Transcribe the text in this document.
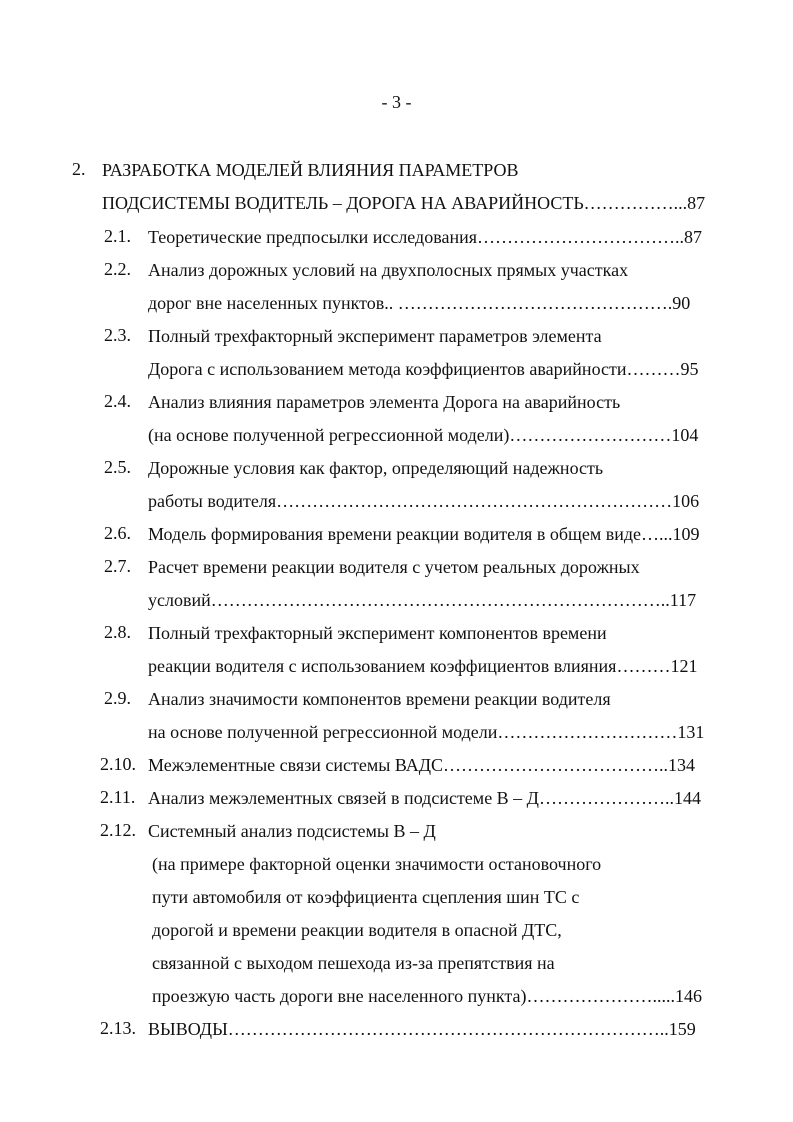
- 3 -
2. РАЗРАБОТКА МОДЕЛЕЙ ВЛИЯНИЯ ПАРАМЕТРОВ
ПОДСИСТЕМЫ ВОДИТЕЛЬ – ДОРОГА НА АВАРИЙНОСТЬ……………...87
2.1. Теоретические предпосылки исследования……………………………..87
2.2. Анализ дорожных условий на двухполосных прямых участках
дорог вне населенных пунктов.. ……………………………………….90
2.3. Полный трехфакторный эксперимент параметров элемента
Дорога с использованием метода коэффициентов аварийности………95
2.4. Анализ влияния параметров элемента Дорога на аварийность
(на основе полученной регрессионной модели)………………………104
2.5. Дорожные условия как фактор, определяющий надежность
работы водителя…………………………………………………………106
2.6. Модель формирования времени реакции водителя в общем виде…...109
2.7. Расчет времени реакции водителя с учетом реальных дорожных
условий…………………………………………………………………..117
2.8. Полный трехфакторный эксперимент компонентов времени
реакции водителя с использованием коэффициентов влияния………121
2.9. Анализ значимости компонентов времени реакции водителя
на основе полученной регрессионной модели…………………………131
2.10. Межэлементные связи системы ВАДС………………………………..134
2.11. Анализ межэлементных связей в подсистеме В – Д…………………..144
2.12. Системный анализ подсистемы В – Д
(на примере факторной оценки значимости остановочного
пути автомобиля от коэффициента сцепления шин ТС с
дорогой и времени реакции водителя в опасной ДТС,
связанной с выходом пешехода из-за препятствия на
проезжую часть дороги вне населенного пункта)………………….....146
2.13. ВЫВОДЫ………………………………………………………………..159
